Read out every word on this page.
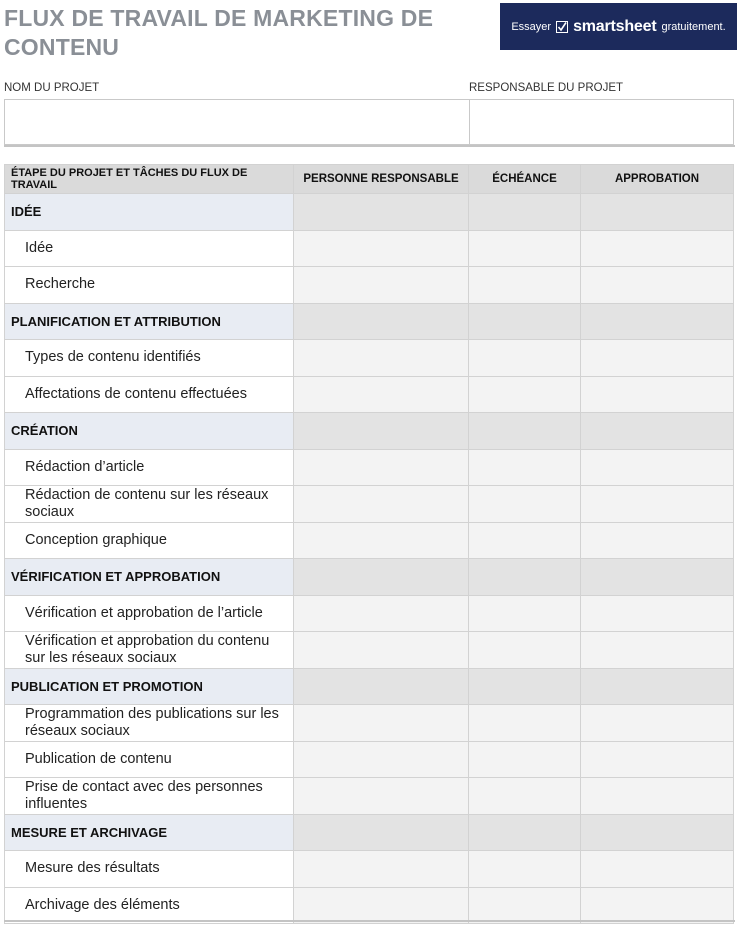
FLUX DE TRAVAIL DE MARKETING DE CONTENU
Essayer smartsheet gratuitement.
NOM DU PROJET	RESPONSABLE DU PROJET
ÉTAPE DU PROJET ET TÂCHES DU FLUX DE TRAVAIL	PERSONNE RESPONSABLE	ÉCHÉANCE	APPROBATION
IDÉE			
Idée			
Recherche			
PLANIFICATION ET ATTRIBUTION			
Types de contenu identifiés			
Affectations de contenu effectuées			
CRÉATION			
Rédaction d’article			
Rédaction de contenu sur les réseaux sociaux			
Conception graphique			
VÉRIFICATION ET APPROBATION			
Vérification et approbation de l’article			
Vérification et approbation du contenu sur les réseaux sociaux			
PUBLICATION ET PROMOTION			
Programmation des publications sur les réseaux sociaux			
Publication de contenu			
Prise de contact avec des personnes influentes			
MESURE ET ARCHIVAGE			
Mesure des résultats			
Archivage des éléments			
